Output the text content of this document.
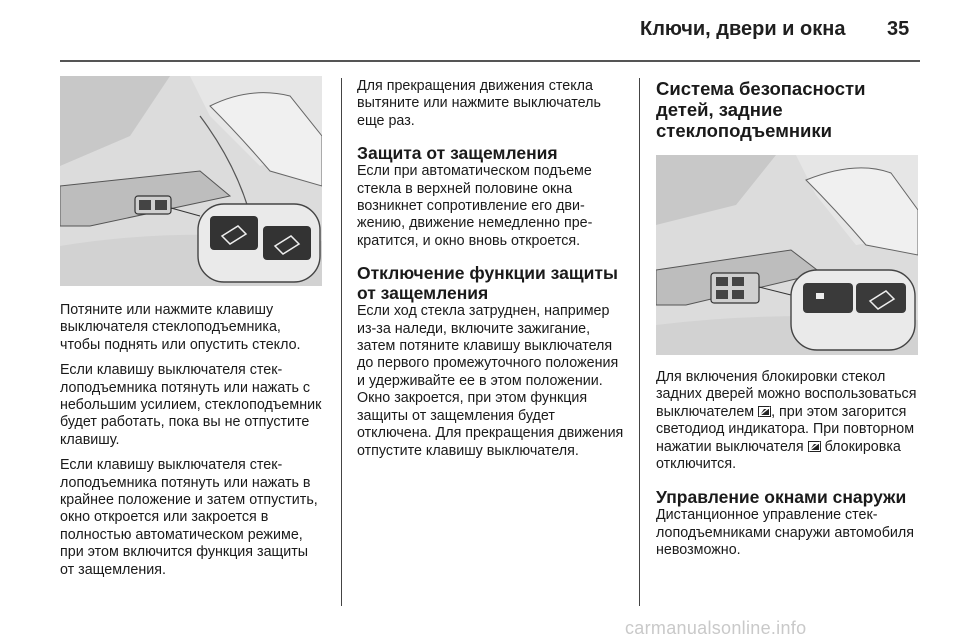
Ключи, двери и окна 35

Потяните или нажмите клавишу выключателя стеклоподъемника, чтобы поднять или опустить стекло.

Если клавишу выключателя стеклоподъемника потянуть или нажать с небольшим усилием, стеклоподъемник будет работать, пока вы не отпустите клавишу.

Если клавишу выключателя стеклоподъемника потянуть или нажать в крайнее положение и затем отпустить, окно откроется или закроется в полностью автоматическом режиме, при этом включится функция защиты от защемления.

Для прекращения движения стекла вытяните или нажмите выключатель еще раз.

Защита от защемления

Если при автоматическом подъеме стекла в верхней половине окна возникнет сопротивление его движению, движение немедленно прекратится, и окно вновь откроется.

Отключение функции защиты от защемления

Если ход стекла затруднен, например из-за наледи, включите зажигание, затем потяните клавишу выключателя до первого промежуточного положения и удерживайте ее в этом положении. Окно закроется, при этом функция защиты от защемления будет отключена. Для прекращения движения отпустите клавишу выключателя.

Система безопасности детей, задние стеклоподъемники

Для включения блокировки стекол задних дверей можно воспользоваться выключателем , при этом загорится светодиод индикатора. При повторном нажатии выключателя  блокировка отключится.

Управление окнами снаружи

Дистанционное управление стеклоподъемниками снаружи автомобиля невозможно.

carmanualsonline.info
